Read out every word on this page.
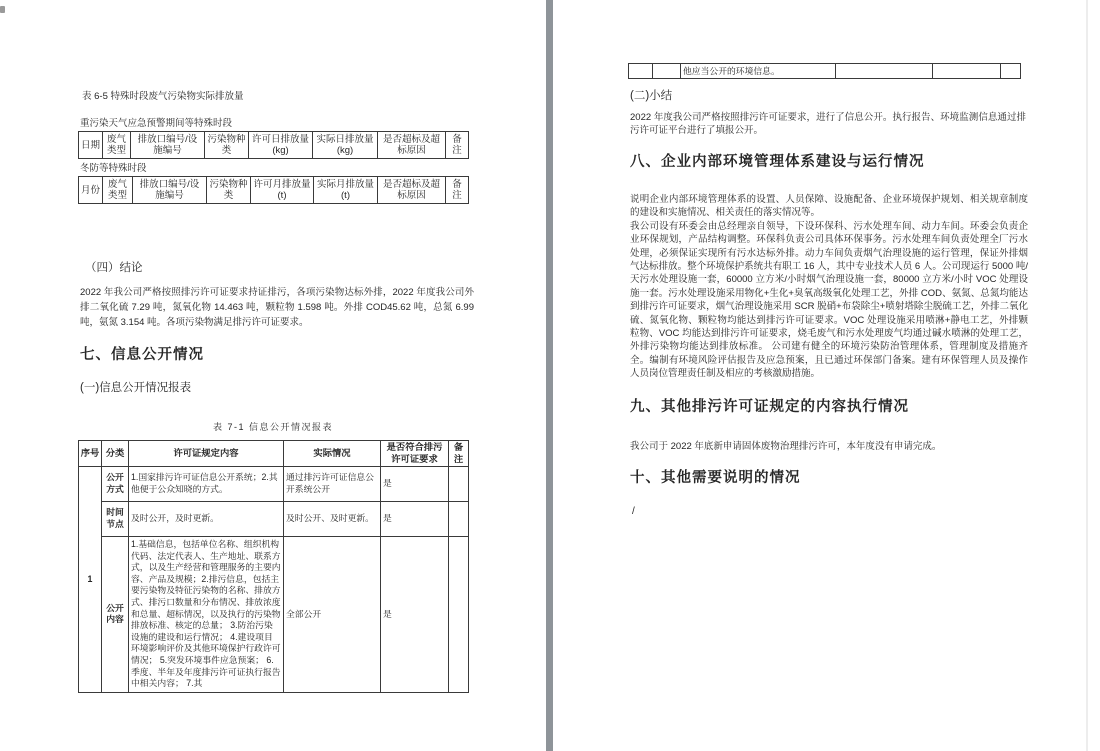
表 6-5 特殊时段废气污染物实际排放量
重污染天气应急预警期间等特殊时段
日期	废气类型	排放口编号/设施编号	污染物种类	许可日排放量(kg)	实际日排放量(kg)	是否超标及超标原因	备注
冬防等特殊时段
月份	废气类型	排放口编号/设施编号	污染物种类	许可月排放量(t)	实际月排放量(t)	是否超标及超标原因	备注
（四）结论
2022 年我公司严格按照排污许可证要求持证排污，各项污染物达标外排，2022 年度我公司外排二氧化硫 7.29 吨，氮氧化物 14.463 吨，颗粒物 1.598 吨。外排 COD45.62 吨，总氮 6.99 吨，氨氮 3.154 吨。各项污染物满足排污许可证要求。
七、信息公开情况
(一)信息公开情况报表
表 7-1 信息公开情况报表
序号	分类	许可证规定内容	实际情况	是否符合排污许可证要求	备注
1	公开方式	1.国家排污许可证信息公开系统；2.其他便于公众知晓的方式。	通过排污许可证信息公开系统公开	是	
	时间节点	及时公开，及时更新。	及时公开、及时更新。	是	
	公开内容	1.基础信息，包括单位名称、组织机构代码、法定代表人、生产地址、联系方式，以及生产经营和管理服务的主要内容、产品及规模；2.排污信息，包括主要污染物及特征污染物的名称、排放方式、排污口数量和分布情况、排放浓度和总量、超标情况，以及执行的污染物排放标准、核定的总量； 3.防治污染设施的建设和运行情况； 4.建设项目环境影响评价及其他环境保护行政许可情况； 5.突发环境事件应急预案； 6.季度、半年及年度排污许可证执行报告中相关内容； 7.其	全部公开	是	
		他应当公开的环境信息。			
(二)小结
2022 年度我公司严格按照排污许可证要求，进行了信息公开。执行报告、环境监测信息通过排污许可证平台进行了填报公开。
八、企业内部环境管理体系建设与运行情况

说明企业内部环境管理体系的设置、人员保障、设施配备、企业环境保护规划、相关规章制度的建设和实施情况、相关责任的落实情况等。

我公司设有环委会由总经理亲自领导，下设环保科、污水处理车间、动力车间。环委会负责企业环保规划，产品结构调整。环保科负责公司具体环保事务。污水处理车间负责处理全厂污水处理，必须保证实现所有污水达标外排。动力车间负责烟气治理设施的运行管理，保证外排烟气达标排放。整个环境保护系统共有职工 16 人，其中专业技术人员 6 人。公司现运行 5000 吨/天污水处理设施一套，60000 立方米/小时烟气治理设施一套，80000 立方米/小时 VOC 处理设施一套。污水处理设施采用物化+生化+臭氧高级氧化处理工艺，外排 COD、氨氮、总氮均能达到排污许可证要求，烟气治理设施采用 SCR 脱硝+布袋除尘+喷射塔除尘脱硫工艺，外排二氧化硫、氮氧化物、颗粒物均能达到排污许可证要求。VOC 处理设施采用喷淋+静电工艺，外排颗粒物、VOC 均能达到排污许可证要求，烧毛废气和污水处理废气均通过碱水喷淋的处理工艺，外排污染物均能达到排放标准。 公司建有健全的环境污染防治管理体系，管理制度及措施齐全。编制有环境风险评估报告及应急预案，且已通过环保部门备案。建有环保管理人员及操作人员岗位管理责任制及相应的考核激励措施。

九、其他排污许可证规定的内容执行情况
我公司于 2022 年底新申请固体废物治理排污许可，本年度没有申请完成。
十、其他需要说明的情况
/
